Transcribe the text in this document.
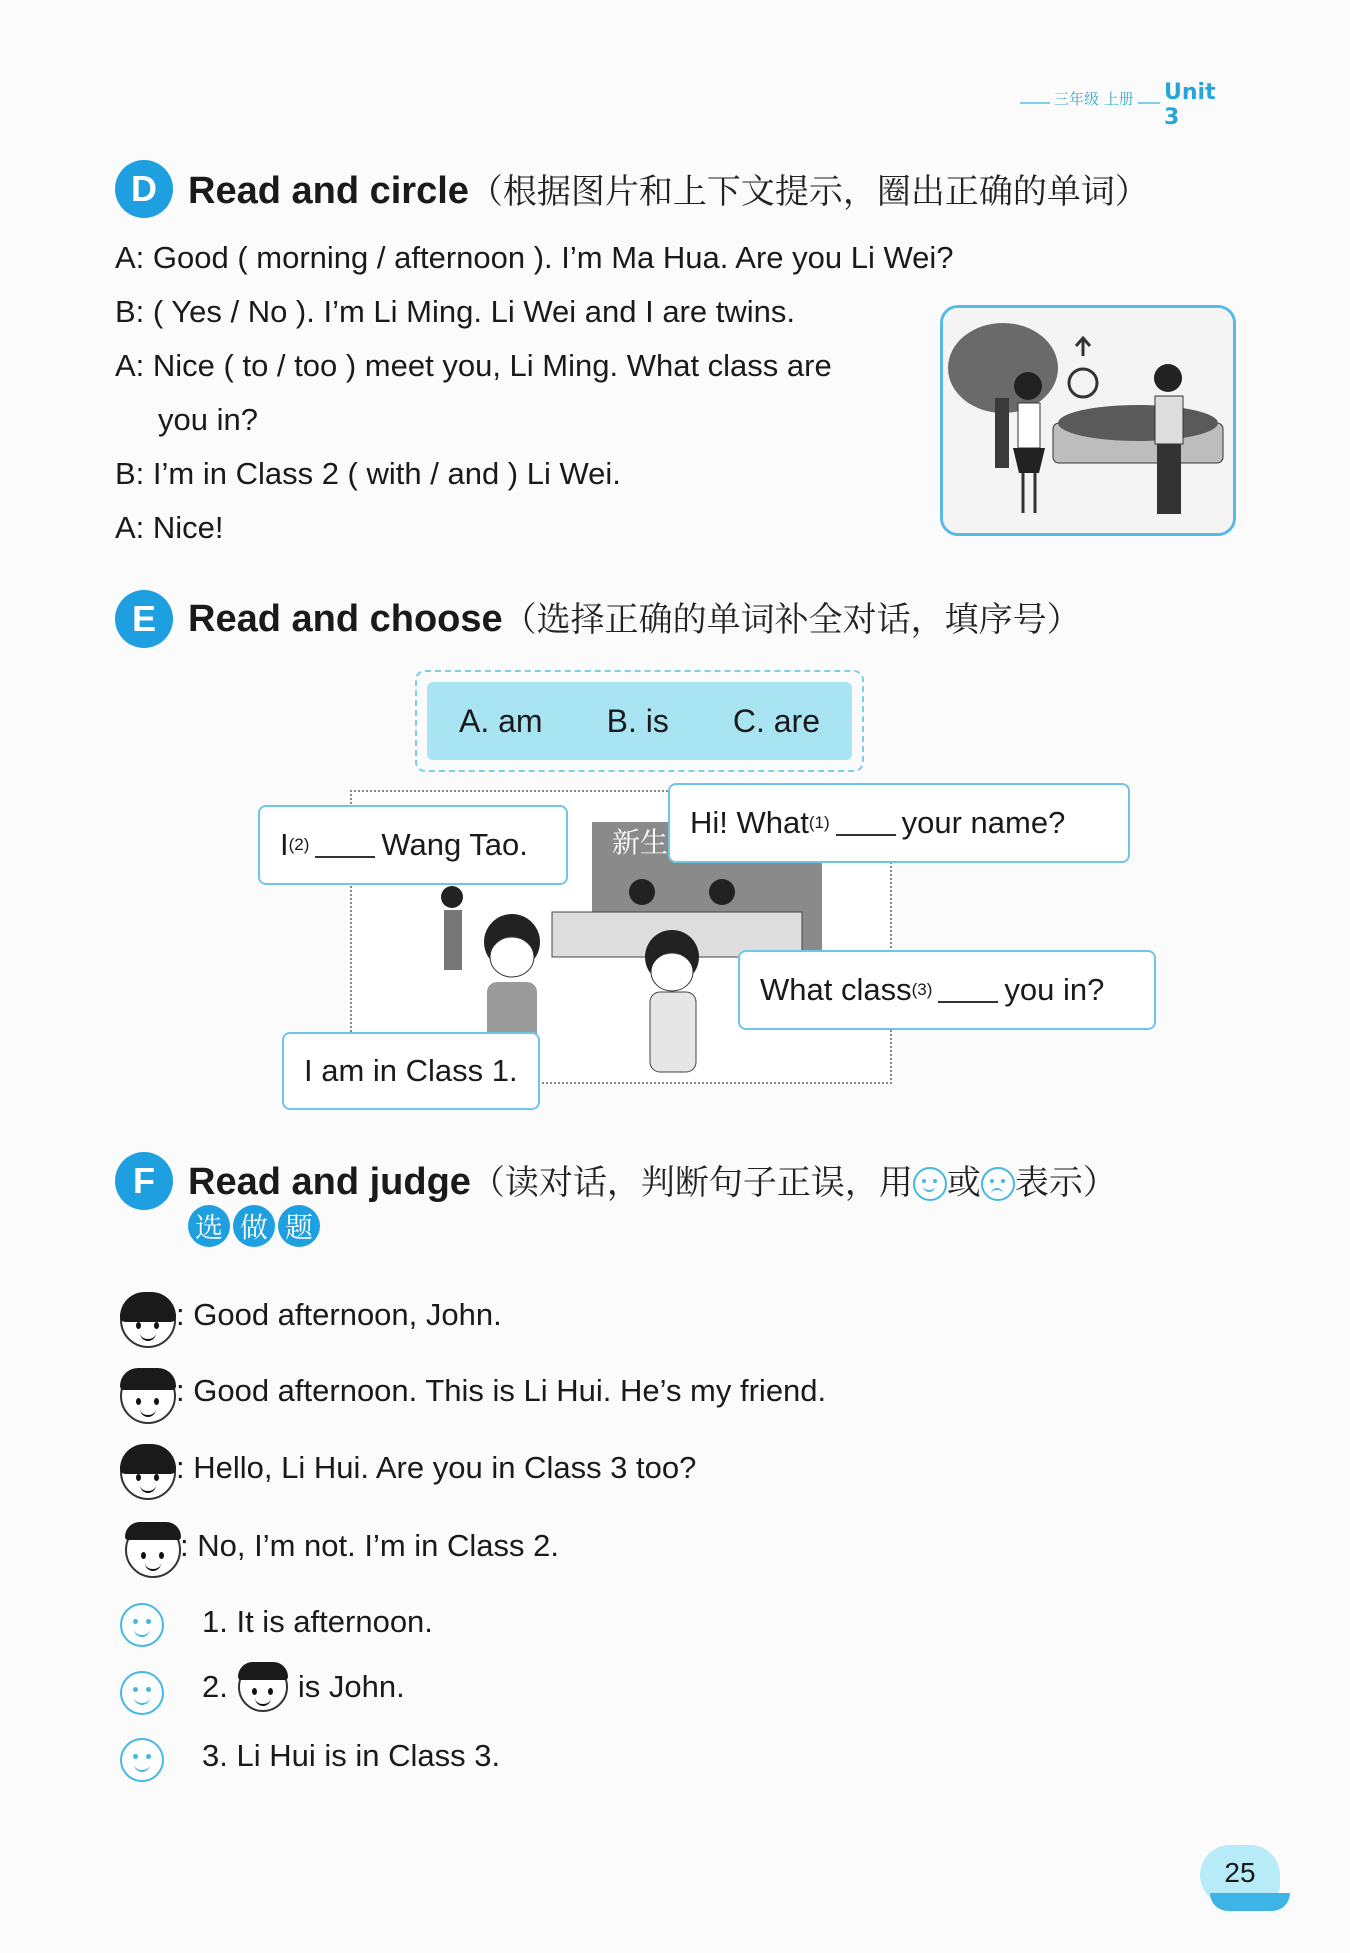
三年级 上册 Unit 3
D Read and circle（根据图片和上下文提示，圈出正确的单词）
A: Good ( morning / afternoon ). I’m Ma Hua. Are you Li Wei?
B: ( Yes / No ). I’m Li Ming. Li Wei and I are twins.
A: Nice ( to / too ) meet you, Li Ming. What class are
you in?
B: I’m in Class 2 ( with / and ) Li Wei.
A: Nice!
E Read and choose（选择正确的单词补全对话，填序号）
A. am B. is C. are
新生
I (2) Wang Tao.
Hi! What (1) your name?
What class (3) you in?
I am in Class 1.
F Read and judge（读对话，判断句子正误，用 或 表示）
选 做 题
: Good afternoon, John.
: Good afternoon. This is Li Hui. He’s my friend.
: Hello, Li Hui. Are you in Class 3 too?
: No, I’m not. I’m in Class 2.
1. It is afternoon.
2. is John.
3. Li Hui is in Class 3.
25
